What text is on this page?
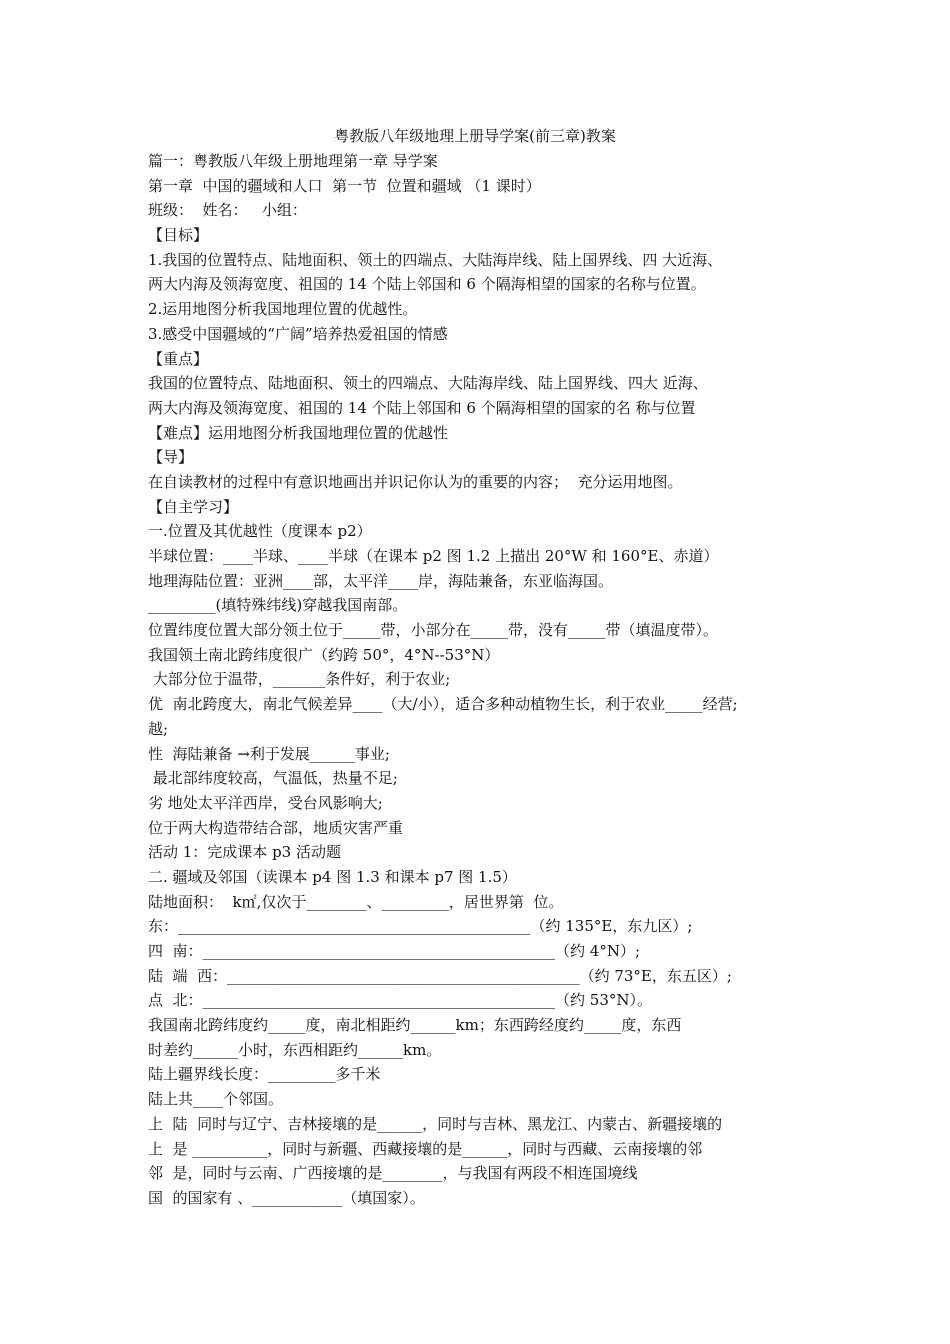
粤教版八年级地理上册导学案(前三章)教案
篇一：粤教版八年级上册地理第一章 导学案
第一章  中国的疆域和人口  第一节  位置和疆域 （1 课时）
班级：  姓名：   小组：
【目标】
1.我国的位置特点、陆地面积、领土的四端点、大陆海岸线、陆上国界线、四 大近海、
两大内海及领海宽度、祖国的 14 个陆上邻国和 6 个隔海相望的国家的名称与位置。
2.运用地图分析我国地理位置的优越性。
3.感受中国疆域的“广阔”培养热爱祖国的情感
【重点】
我国的位置特点、陆地面积、领土的四端点、大陆海岸线、陆上国界线、四大 近海、
两大内海及领海宽度、祖国的 14 个陆上邻国和 6 个隔海相望的国家的名 称与位置
【难点】运用地图分析我国地理位置的优越性
【导】
在自读教材的过程中有意识地画出并识记你认为的重要的内容；  充分运用地图。
【自主学习】
一.位置及其优越性（度课本 p2）
半球位置：____半球、____半球（在课本 p2 图 1.2 上描出 20°W 和 160°E、赤道）
地理海陆位置：亚洲____部，太平洋____岸，海陆兼备，东亚临海国。
_________(填特殊纬线)穿越我国南部。
位置纬度位置大部分领土位于_____带，小部分在_____带，没有_____带（填温度带）。
我国领土南北跨纬度很广（约跨 50°，4°N--53°N）
大部分位于温带，_______条件好，利于农业;
优  南北跨度大，南北气候差异____（大/小），适合多种动植物生长，利于农业_____经营;
越;
性  海陆兼备 →利于发展______事业;
最北部纬度较高，气温低，热量不足;
劣 地处太平洋西岸，受台风影响大;
位于两大构造带结合部，地质灾害严重
活动 1：完成课本 p3 活动题
二. 疆域及邻国（读课本 p4 图 1.3 和课本 p7 图 1.5）
陆地面积：  k㎡,仅次于________、_________，居世界第  位。
东：_______________________________________________（约 135°E，东九区）;
四  南：_______________________________________________（约 4°N）;
陆  端  西：_______________________________________________（约 73°E，东五区）;
点  北：_______________________________________________（约 53°N）。
我国南北跨纬度约_____度，南北相距约______km；东西跨经度约_____度，东西
时差约______小时，东西相距约______km。
陆上疆界线长度：_________多千米
陆上共____个邻国。
上  陆  同时与辽宁、吉林接壤的是______，同时与吉林、黑龙江、内蒙古、新疆接壤的
上  是 __________，同时与新疆、西藏接壤的是______，同时与西藏、云南接壤的邻
邻  是，同时与云南、广西接壤的是________，与我国有两段不相连国境线
国  的国家有 、____________（填国家）。
